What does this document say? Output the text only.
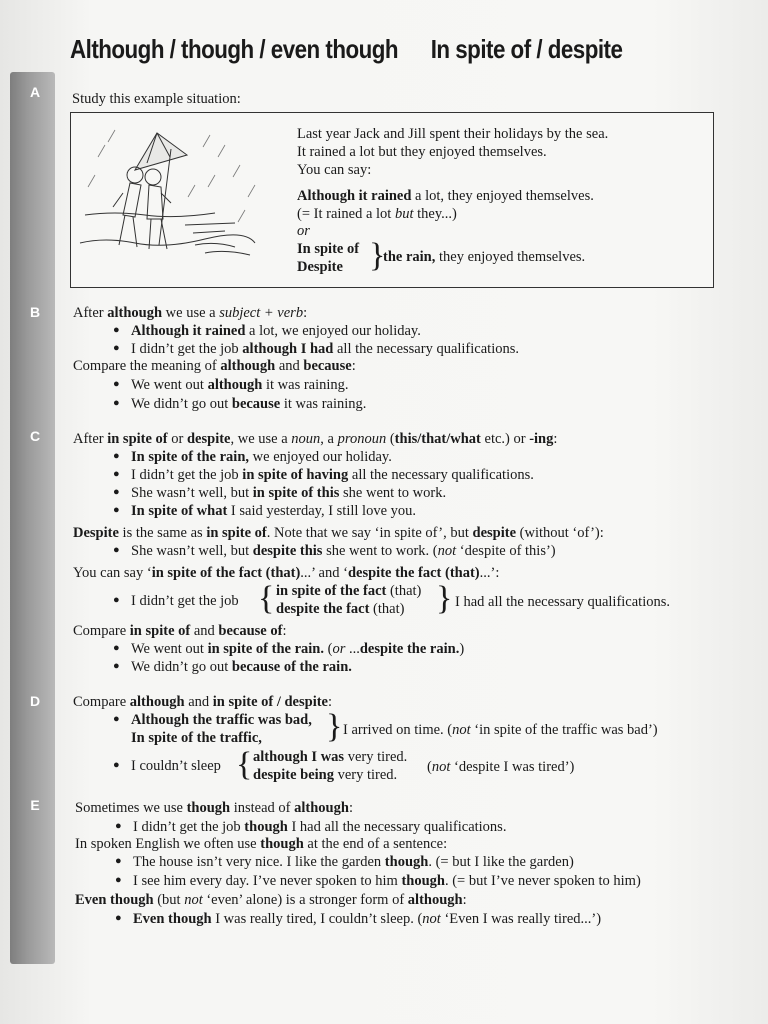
A
B
C
D
E
Although / though / even though In spite of / despite
Study this example situation:
Last year Jack and Jill spent their holidays by the sea.
It rained a lot but they enjoyed themselves.
You can say:
Although it rained a lot, they enjoyed themselves.
(= It rained a lot but they...)
or
In spite of
Despite }
the rain, they enjoyed themselves.
After although we use a subject + verb:
● Although it rained a lot, we enjoyed our holiday.
● I didn’t get the job although I had all the necessary qualifications.
Compare the meaning of although and because:
● We went out although it was raining.
● We didn’t go out because it was raining.
After in spite of or despite, we use a noun, a pronoun (this/that/what etc.) or -ing:
● In spite of the rain, we enjoyed our holiday.
● I didn’t get the job in spite of having all the necessary qualifications.
● She wasn’t well, but in spite of this she went to work.
● In spite of what I said yesterday, I still love you.
Despite is the same as in spite of. Note that we say ‘in spite of’, but despite (without ‘of’):
● She wasn’t well, but despite this she went to work. (not ‘despite of this’)
You can say ‘in spite of the fact (that)...’ and ‘despite the fact (that)...’:
● I didn’t get the job { in spite of the fact (that)
despite the fact (that) } I had all the necessary qualifications.
Compare in spite of and because of:
● We went out in spite of the rain. (or ...despite the rain.)
● We didn’t go out because of the rain.
Compare although and in spite of / despite:
● Although the traffic was bad,
In spite of the traffic, } I arrived on time. (not ‘in spite of the traffic was bad’)
● I couldn’t sleep { although I was very tired.
despite being very tired. (not ‘despite I was tired’)
Sometimes we use though instead of although:
● I didn’t get the job though I had all the necessary qualifications.
In spoken English we often use though at the end of a sentence:
● The house isn’t very nice. I like the garden though. (= but I like the garden)
● I see him every day. I’ve never spoken to him though. (= but I’ve never spoken to him)
Even though (but not ‘even’ alone) is a stronger form of although:
● Even though I was really tired, I couldn’t sleep. (not ‘Even I was really tired...’)
